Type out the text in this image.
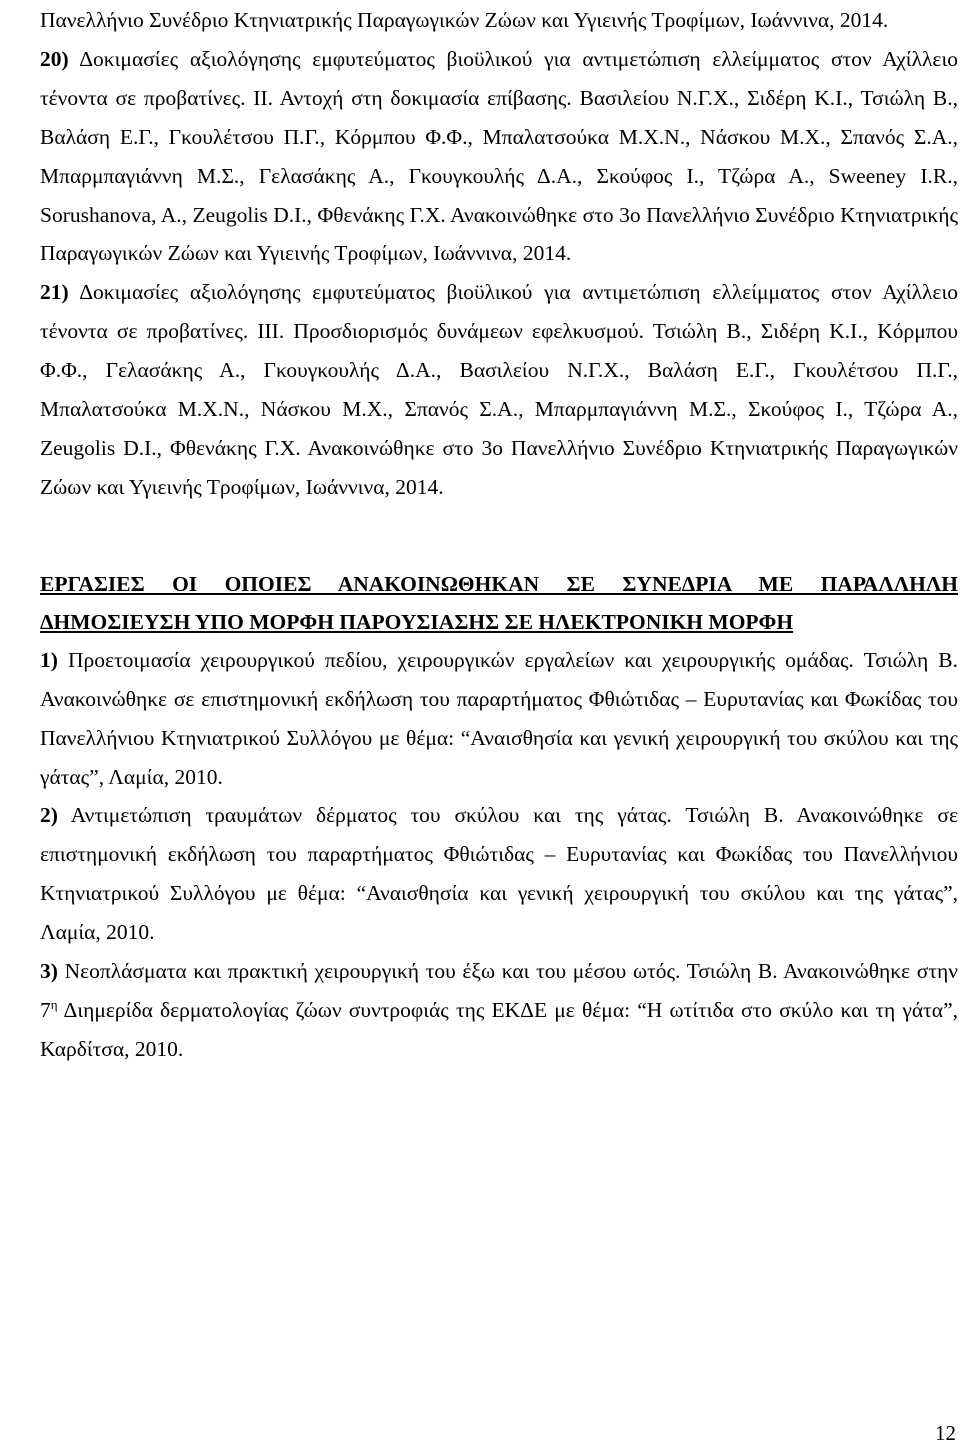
Πανελλήνιο Συνέδριο Κτηνιατρικής Παραγωγικών Ζώων και Υγιεινής Τροφίμων, Ιωάννινα, 2014.

20) Δοκιμασίες αξιολόγησης εμφυτεύματος βιοϋλικού για αντιμετώπιση ελλείμματος στον Αχίλλειο τένοντα σε προβατίνες. ΙΙ. Αντοχή στη δοκιμασία επίβασης. Βασιλείου Ν.Γ.Χ., Σιδέρη Κ.Ι., Τσιώλη Β., Βαλάση Ε.Γ., Γκουλέτσου Π.Γ., Κόρμπου Φ.Φ., Μπαλατσούκα Μ.Χ.Ν., Νάσκου Μ.Χ., Σπανός Σ.Α., Μπαρμπαγιάννη Μ.Σ., Γελασάκης Α., Γκουγκουλής Δ.Α., Σκούφος Ι., Τζώρα Α., Sweeney I.R., Sorushanova, A., Zeugolis D.I., Φθενάκης Γ.Χ. Ανακοινώθηκε στο 3ο Πανελλήνιο Συνέδριο Κτηνιατρικής Παραγωγικών Ζώων και Υγιεινής Τροφίμων, Ιωάννινα, 2014.

21) Δοκιμασίες αξιολόγησης εμφυτεύματος βιοϋλικού για αντιμετώπιση ελλείμματος στον Αχίλλειο τένοντα σε προβατίνες. ΙΙΙ. Προσδιορισμός δυνάμεων εφελκυσμού. Τσιώλη Β., Σιδέρη Κ.Ι., Κόρμπου Φ.Φ., Γελασάκης Α., Γκουγκουλής Δ.Α., Βασιλείου Ν.Γ.Χ., Βαλάση Ε.Γ., Γκουλέτσου Π.Γ., Μπαλατσούκα Μ.Χ.Ν., Νάσκου Μ.Χ., Σπανός Σ.Α., Μπαρμπαγιάννη Μ.Σ., Σκούφος Ι., Τζώρα Α., Zeugolis D.I., Φθενάκης Γ.Χ. Ανακοινώθηκε στο 3ο Πανελλήνιο Συνέδριο Κτηνιατρικής Παραγωγικών Ζώων και Υγιεινής Τροφίμων, Ιωάννινα, 2014.

ΕΡΓΑΣΙΕΣ ΟΙ ΟΠΟΙΕΣ ΑΝΑΚΟΙΝΩΘΗΚΑΝ ΣΕ ΣΥΝΕΔΡΙΑ ΜΕ ΠΑΡΑΛΛΗΛΗ ΔΗΜΟΣΙΕΥΣΗ ΥΠΟ ΜΟΡΦΗ ΠΑΡΟΥΣΙΑΣΗΣ ΣΕ ΗΛΕΚΤΡΟΝΙΚΗ ΜΟΡΦΗ

1) Προετοιμασία χειρουργικού πεδίου, χειρουργικών εργαλείων και χειρουργικής ομάδας. Τσιώλη Β. Ανακοινώθηκε σε επιστημονική εκδήλωση του παραρτήματος Φθιώτιδας – Ευρυτανίας και Φωκίδας του Πανελλήνιου Κτηνιατρικού Συλλόγου με θέμα: “Αναισθησία και γενική χειρουργική του σκύλου και της γάτας”, Λαμία, 2010.

2) Αντιμετώπιση τραυμάτων δέρματος του σκύλου και της γάτας. Τσιώλη Β. Ανακοινώθηκε σε επιστημονική εκδήλωση του παραρτήματος Φθιώτιδας – Ευρυτανίας και Φωκίδας του Πανελλήνιου Κτηνιατρικού Συλλόγου με θέμα: “Αναισθησία και γενική χειρουργική του σκύλου και της γάτας”, Λαμία, 2010.

3) Νεοπλάσματα και πρακτική χειρουργική του έξω και του μέσου ωτός. Τσιώλη Β. Ανακοινώθηκε στην $7^\eta$ Διημερίδα δερματολογίας ζώων συντροφιάς της ΕΚΔΕ με θέμα: “Η ωτίτιδα στο σκύλο και τη γάτα”, Καρδίτσα, 2010.

12
